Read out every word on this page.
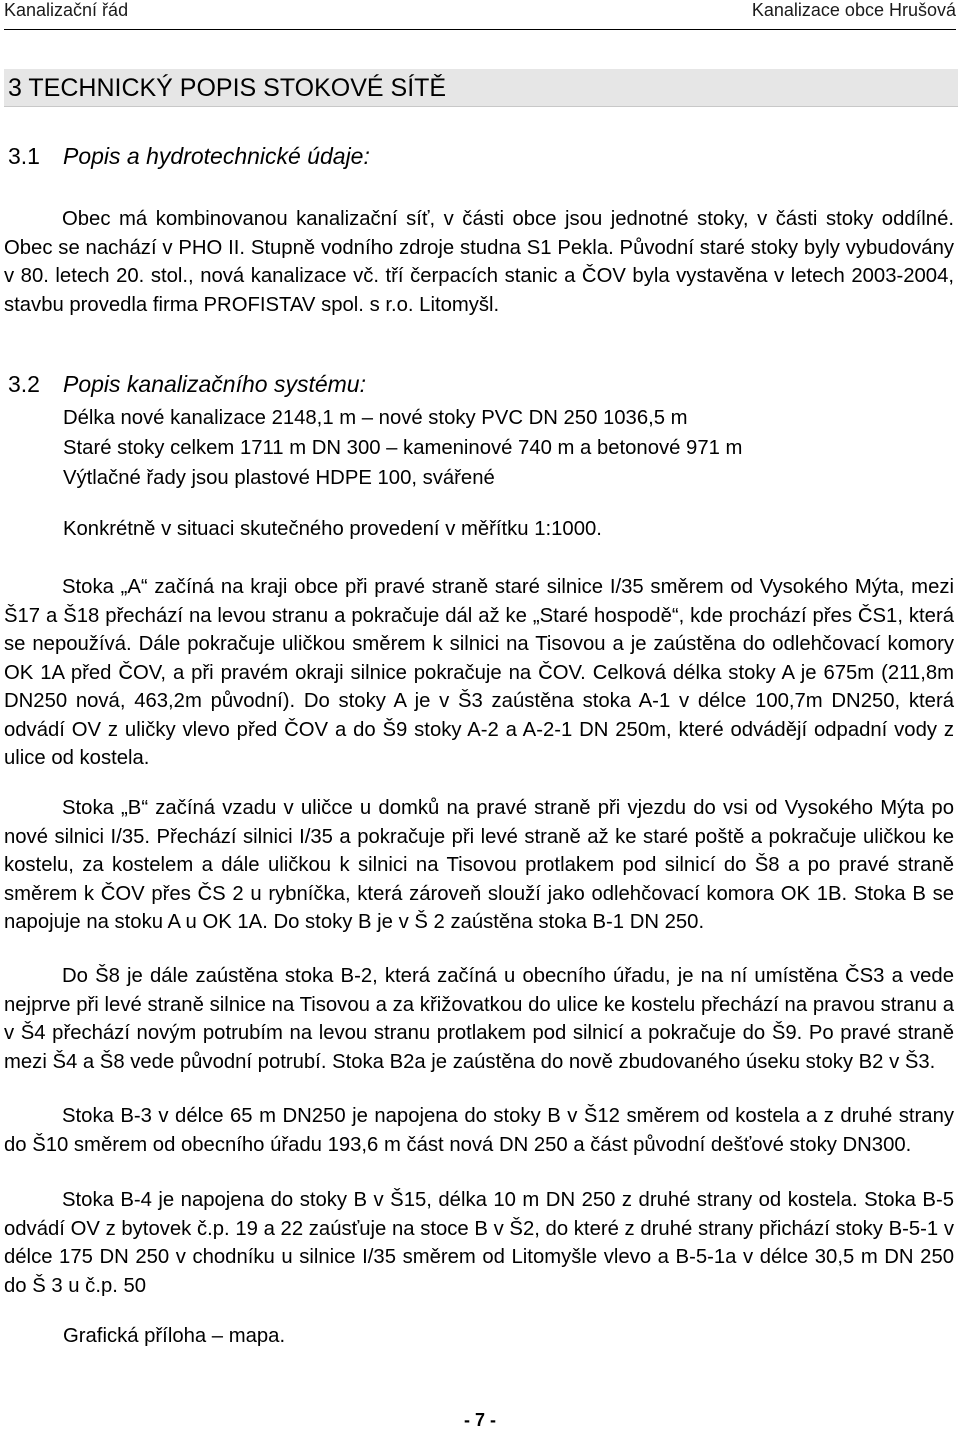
Kanalizační řád	Kanalizace obce Hrušová
3 TECHNICKÝ POPIS STOKOVÉ SÍTĚ
3.1 Popis a hydrotechnické údaje:

Obec má kombinovanou kanalizační síť, v části obce jsou jednotné stoky, v části stoky oddílné. Obec se nachází v PHO II. Stupně vodního zdroje studna S1 Pekla. Původní staré stoky byly vybudovány v 80. letech 20. stol., nová kanalizace vč. tří čerpacích stanic a ČOV byla vystavěna v letech 2003-2004, stavbu provedla firma PROFISTAV spol. s r.o. Litomyšl.

3.2 Popis kanalizačního systému:
Délka nové kanalizace 2148,1 m – nové stoky PVC DN 250 1036,5 m
Staré stoky celkem 1711 m DN 300 – kameninové 740 m a betonové 971 m
Výtlačné řady jsou plastové HDPE 100, svářené
Konkrétně v situaci skutečného provedení v měřítku 1:1000.

Stoka „A“ začíná na kraji obce při pravé straně staré silnice I/35 směrem od Vysokého Mýta, mezi Š17 a Š18 přechází na levou stranu a pokračuje dál až ke „Staré hospodě“, kde prochází přes ČS1, která se nepoužívá. Dále pokračuje uličkou směrem k silnici na Tisovou a je zaústěna do odlehčovací komory OK 1A před ČOV, a při pravém okraji silnice pokračuje na ČOV. Celková délka stoky A je 675m (211,8m DN250 nová, 463,2m původní). Do stoky A je v Š3 zaústěna stoka A-1 v délce 100,7m DN250, která odvádí OV z uličky vlevo před ČOV a do Š9 stoky A-2 a A-2-1 DN 250m, které odvádějí odpadní vody z ulice od kostela.

Stoka „B“ začíná vzadu v uličce u domků na pravé straně při vjezdu do vsi od Vysokého Mýta po nové silnici I/35. Přechází silnici I/35 a pokračuje při levé straně až ke staré poště a pokračuje uličkou ke kostelu, za kostelem a dále uličkou k silnici na Tisovou protlakem pod silnicí do Š8 a po pravé straně směrem k ČOV přes ČS 2 u rybníčka, která zároveň slouží jako odlehčovací komora OK 1B. Stoka B se napojuje na stoku A u OK 1A. Do stoky B je v Š 2 zaústěna stoka B-1 DN 250.

Do Š8 je dále zaústěna stoka B-2, která začíná u obecního úřadu, je na ní umístěna ČS3 a vede nejprve při levé straně silnice na Tisovou a za křižovatkou do ulice ke kostelu přechází na pravou stranu a v Š4 přechází novým potrubím na levou stranu protlakem pod silnicí a pokračuje do Š9. Po pravé straně mezi Š4 a Š8 vede původní potrubí. Stoka B2a je zaústěna do nově zbudovaného úseku stoky B2 v Š3.

Stoka B-3 v délce 65 m DN250 je napojena do stoky B v Š12 směrem od kostela a z druhé strany do Š10 směrem od obecního úřadu 193,6 m část nová DN 250 a část původní dešťové stoky DN300.

Stoka B-4 je napojena do stoky B v Š15, délka 10 m DN 250 z druhé strany od kostela. Stoka B-5 odvádí OV z bytovek č.p. 19 a 22 zaúsťuje na stoce B v Š2, do které z druhé strany přichází stoky B-5-1 v délce 175 DN 250 v chodníku u silnice I/35 směrem od Litomyšle vlevo a B-5-1a v délce 30,5 m DN 250 do Š 3 u č.p. 50

Grafická příloha – mapa.
- 7 -
